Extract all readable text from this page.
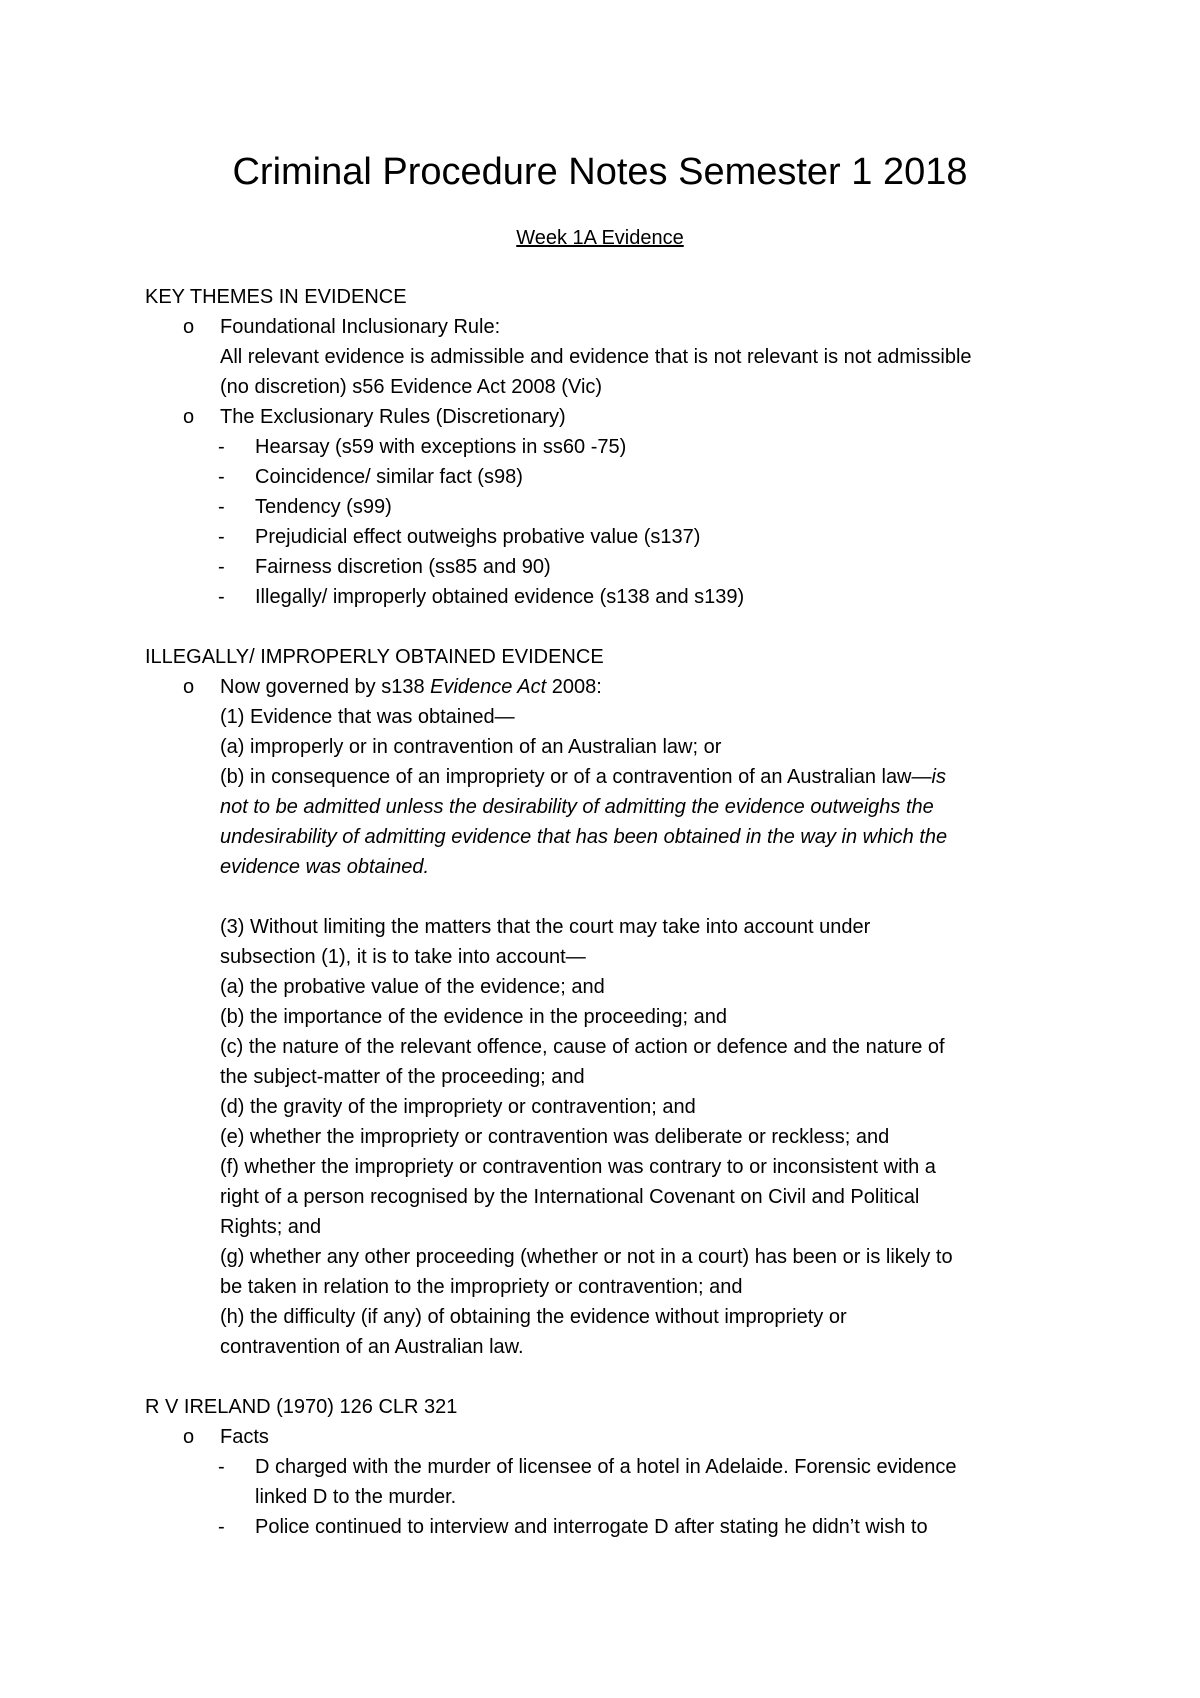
Criminal Procedure Notes Semester 1 2018
Week 1A Evidence

KEY THEMES IN EVIDENCE

o Foundational Inclusionary Rule:

All relevant evidence is admissible and evidence that is not relevant is not admissible

(no discretion) s56 Evidence Act 2008 (Vic)

o The Exclusionary Rules (Discretionary)

- Hearsay (s59 with exceptions in ss60 -75)

- Coincidence/ similar fact (s98)

- Tendency (s99)

- Prejudicial effect outweighs probative value (s137)

- Fairness discretion (ss85 and 90)

- Illegally/ improperly obtained evidence (s138 and s139)

ILLEGALLY/ IMPROPERLY OBTAINED EVIDENCE

o Now governed by s138 Evidence Act 2008:

(1) Evidence that was obtained—

(a) improperly or in contravention of an Australian law; or

(b) in consequence of an impropriety or of a contravention of an Australian law—is

not to be admitted unless the desirability of admitting the evidence outweighs the

undesirability of admitting evidence that has been obtained in the way in which the

evidence was obtained.

(3) Without limiting the matters that the court may take into account under

subsection (1), it is to take into account—

(a) the probative value of the evidence; and

(b) the importance of the evidence in the proceeding; and

(c) the nature of the relevant offence, cause of action or defence and the nature of

the subject-matter of the proceeding; and

(d) the gravity of the impropriety or contravention; and

(e) whether the impropriety or contravention was deliberate or reckless; and

(f) whether the impropriety or contravention was contrary to or inconsistent with a

right of a person recognised by the International Covenant on Civil and Political

Rights; and

(g) whether any other proceeding (whether or not in a court) has been or is likely to

be taken in relation to the impropriety or contravention; and

(h) the difficulty (if any) of obtaining the evidence without impropriety or

contravention of an Australian law.

R V IRELAND (1970) 126 CLR 321

o Facts

- D charged with the murder of licensee of a hotel in Adelaide. Forensic evidence

linked D to the murder.

- Police continued to interview and interrogate D after stating he didn’t wish to
